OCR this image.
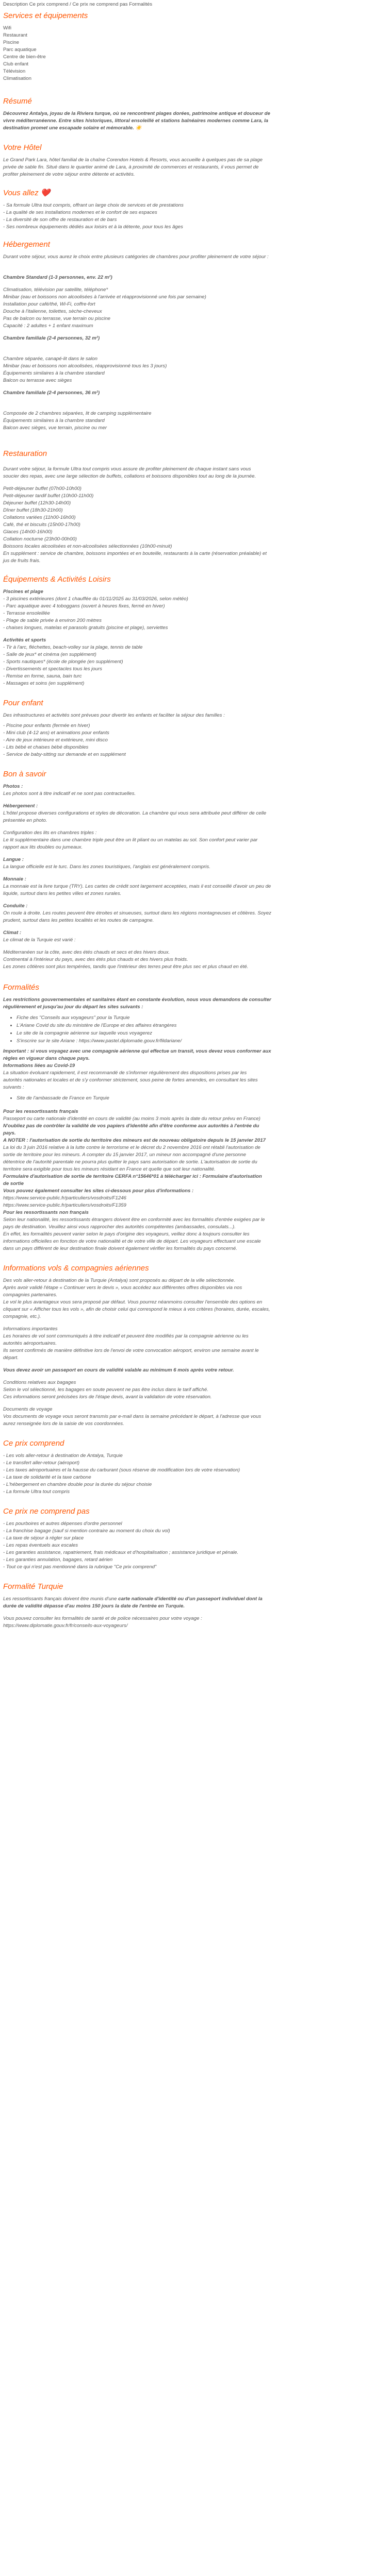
Description Ce prix comprend / Ce prix ne comprend pas Formalités

Services et équipements
Wifi
Restaurant
Piscine
Parc aquatique
Centre de bien-être
Club enfant
Télévision
Climatisation
Résumé

Découvrez Antalya, joyau de la Riviera turque, où se rencontrent plages dorées, patrimoine antique et douceur de

vivre méditerranéenne. Entre sites historiques, littoral ensoleillé et stations balnéaires modernes comme Lara, la

destination promet une escapade solaire et mémorable. ☀️

Votre Hôtel

Le Grand Park Lara, hôtel familial de la chaîne Corendon Hotels & Resorts, vous accueille à quelques pas de sa plage

privée de sable fin. Situé dans le quartier animé de Lara, à proximité de commerces et restaurants, il vous permet de

profiter pleinement de votre séjour entre détente et activités.

Vous allez ❤️

- Sa formule Ultra tout compris, offrant un large choix de services et de prestations

- La qualité de ses installations modernes et le confort de ses espaces

- La diversité de son offre de restauration et de bars

- Ses nombreux équipements dédiés aux loisirs et à la détente, pour tous les âges

Hébergement

Durant votre séjour, vous aurez le choix entre plusieurs catégories de chambres pour profiter pleinement de votre séjour :

Chambre Standard (1-3 personnes, env. 22 m²)

Climatisation, télévision par satellite, téléphone*

Minibar (eau et boissons non alcoolisées à l'arrivée et réapprovisionné une fois par semaine)

Installation pour café/thé, Wi-Fi, coffre-fort

Douche à l'italienne, toilettes, sèche-cheveux

Pas de balcon ou terrasse, vue terrain ou piscine

Capacité : 2 adultes + 1 enfant maximum

Chambre familiale (2-4 personnes, 32 m²)

Chambre séparée, canapé-lit dans le salon

Minibar (eau et boissons non alcoolisées, réapprovisionné tous les 3 jours)

Équipements similaires à la chambre standard

Balcon ou terrasse avec sièges

Chambre familiale (2-4 personnes, 36 m²)

Composée de 2 chambres séparées, lit de camping supplémentaire

Équipements similaires à la chambre standard

Balcon avec sièges, vue terrain, piscine ou mer

Restauration

Durant votre séjour, la formule Ultra tout compris vous assure de profiter pleinement de chaque instant sans vous

soucier des repas, avec une large sélection de buffets, collations et boissons disponibles tout au long de la journée.

Petit-déjeuner buffet (07h00-10h00)

Petit-déjeuner tardif buffet (10h00-11h00)

Déjeuner buffet (12h30-14h00)

Dîner buffet (18h30-21h00)

Collations variées (11h00-16h00)

Café, thé et biscuits (15h00-17h00)

Glaces (14h00-16h00)

Collation nocturne (23h00-00h00)

Boissons locales alcoolisées et non-alcoolisées sélectionnées (10h00-minuit)

En supplément : service de chambre, boissons importées et en bouteille, restaurants à la carte (réservation préalable) et

jus de fruits frais.

Équipements & Activités Loisirs

Piscines et plage

- 3 piscines extérieures (dont 1 chauffée du 01/11/2025 au 31/03/2026, selon météo)

- Parc aquatique avec 4 toboggans (ouvert à heures fixes, fermé en hiver)

- Terrasse ensoleillée

- Plage de sable privée à environ 200 mètres

- chaises longues, matelas et parasols gratuits (piscine et plage), serviettes

Activités et sports

- Tir à l'arc, fléchettes, beach-volley sur la plage, tennis de table

- Salle de jeux* et cinéma (en supplément)

- Sports nautiques* (école de plongée (en supplément)

- Divertissements et spectacles tous les jours

- Remise en forme, sauna, bain turc

- Massages et soins (en supplément)

Pour enfant

Des infrastructures et activités sont prévues pour divertir les enfants et faciliter la séjour des familles :

- Piscine pour enfants (fermée en hiver)

- Mini club (4-12 ans) et animations pour enfants

- Aire de jeux intérieure et extérieure, mini disco

- Lits bébé et chaises bébé disponibles

- Service de baby-sitting sur demande et en supplément

Bon à savoir

Photos :

Les photos sont à titre indicatif et ne sont pas contractuelles.

Hébergement :

L'hôtel propose diverses configurations et styles de décoration. La chambre qui vous sera attribuée peut différer de celle

présentée en photo.

Configuration des lits en chambres triples :

Le lit supplémentaire dans une chambre triple peut être un lit pliant ou un matelas au sol. Son confort peut varier par

rapport aux lits doubles ou jumeaux.

Langue :

La langue officielle est le turc. Dans les zones touristiques, l'anglais est généralement compris.

Monnaie :

La monnaie est la livre turque (TRY). Les cartes de crédit sont largement acceptées, mais il est conseillé d'avoir un peu de

liquide, surtout dans les petites villes et zones rurales.

Conduite :

On roule à droite. Les routes peuvent être étroites et sinueuses, surtout dans les régions montagneuses et côtières. Soyez

prudent, surtout dans les petites localités et les routes de campagne.

Climat :

Le climat de la Turquie est varié :

Méditerranéen sur la côte, avec des étés chauds et secs et des hivers doux.

Continental à l'intérieur du pays, avec des étés plus chauds et des hivers plus froids.

Les zones côtières sont plus tempérées, tandis que l'intérieur des terres peut être plus sec et plus chaud en été.

Formalités

Les restrictions gouvernementales et sanitaires étant en constante évolution, nous vous demandons de consulter

régulièrement et jusqu'au jour du départ les sites suivants :

• Fiche des "Conseils aux voyageurs" pour la Turquie
• L'Ariane Covid du site du ministère de l'Europe et des affaires étrangères
• Le site de la compagnie aérienne sur laquelle vous voyagerez
• S'inscrire sur le site Ariane : https://www.pastel.diplomatie.gouv.fr/fildariane/

Important : si vous voyagez avec une compagnie aérienne qui effectue un transit, vous devez vous conformer aux

règles en vigueur dans chaque pays.

Informations liées au Covid-19

La situation évoluant rapidement, il est recommandé de s'informer régulièrement des dispositions prises par les

autorités nationales et locales et de s'y conformer strictement, sous peine de fortes amendes, en consultant les sites

suivants :

• Site de l'ambassade de France en Turquie

Pour les ressortissants français

Passeport ou carte nationale d'identité en cours de validité (au moins 3 mois après la date du retour prévu en France)

N'oubliez pas de contrôler la validité de vos papiers d'identité afin d'être conforme aux autorités à l'entrée du

pays.

A NOTER : l'autorisation de sortie du territoire des mineurs est de nouveau obligatoire depuis le 15 janvier 2017

La loi du 3 juin 2016 relative à la lutte contre le terrorisme et le décret du 2 novembre 2016 ont rétabli l'autorisation de

sortie de territoire pour les mineurs. A compter du 15 janvier 2017, un mineur non accompagné d'une personne

détentrice de l'autorité parentale ne pourra plus quitter le pays sans autorisation de sortie. L'autorisation de sortie du

territoire sera exigible pour tous les mineurs résidant en France et quelle que soit leur nationalité.

Formulaire d'autorisation de sortie de territoire CERFA n°15646*01 à télécharger ici : Formulaire d'autorisation

de sortie

Vous pouvez également consulter les sites ci-dessous pour plus d'informations :

https://www.service-public.fr/particuliers/vosdroits/F1246

https://www.service-public.fr/particuliers/vosdroits/F1359

Pour les ressortissants non français

Selon leur nationalité, les ressortissants étrangers doivent être en conformité avec les formalités d'entrée exigées par le

pays de destination. Veuillez ainsi vous rapprocher des autorités compétentes (ambassades, consulats...).

En effet, les formalités peuvent varier selon le pays d'origine des voyageurs, veillez donc à toujours consulter les

informations officielles en fonction de votre nationalité et de votre ville de départ. Les voyageurs effectuant une escale

dans un pays différent de leur destination finale doivent également vérifier les formalités du pays concerné.

Informations vols & compagnies aériennes

Des vols aller-retour à destination de la Turquie (Antalya) sont proposés au départ de la ville sélectionnée.

Après avoir validé l'étape « Continuer vers le devis », vous accédez aux différentes offres disponibles via nos

compagnies partenaires.

Le vol le plus avantageux vous sera proposé par défaut. Vous pourrez néanmoins consulter l'ensemble des options en

cliquant sur « Afficher tous les vols », afin de choisir celui qui correspond le mieux à vos critères (horaires, durée, escales,

compagnie, etc.).

Informations importantes

Les horaires de vol sont communiqués à titre indicatif et peuvent être modifiés par la compagnie aérienne ou les

autorités aéroportuaires.

Ils seront confirmés de manière définitive lors de l'envoi de votre convocation aéroport, environ une semaine avant le

départ.

Vous devez avoir un passeport en cours de validité valable au minimum 6 mois après votre retour.

Conditions relatives aux bagages

Selon le vol sélectionné, les bagages en soute peuvent ne pas être inclus dans le tarif affiché.

Ces informations seront précisées lors de l'étape devis, avant la validation de votre réservation.

Documents de voyage

Vos documents de voyage vous seront transmis par e-mail dans la semaine précédant le départ, à l'adresse que vous

aurez renseignée lors de la saisie de vos coordonnées.

Ce prix comprend

- Les vols aller-retour à destination de Antalya, Turquie

- Le transfert aller-retour (aéroport)

- Les taxes aéroportuaires et la hausse du carburant (sous réserve de modification lors de votre réservation)

- La taxe de solidarité et la taxe carbone

- L'hébergement en chambre double pour la durée du séjour choisie

- La formule Ultra tout compris

Ce prix ne comprend pas

- Les pourboires et autres dépenses d'ordre personnel

- La franchise bagage (sauf si mention contraire au moment du choix du vol)

- La taxe de séjour à régler sur place

- Les repas éventuels aux escales

- Les garanties assistance, rapatriement, frais médicaux et d'hospitalisation ; assistance juridique et pénale.

- Les garanties annulation, bagages, retard aérien

- Tout ce qui n'est pas mentionné dans la rubrique "Ce prix comprend"

Formalité Turquie

Les ressortissants français doivent être munis d'une carte nationale d'identité ou d'un passeport individuel dont la

durée de validité dépasse d'au moins 150 jours la date de l'entrée en Turquie.

Vous pouvez consulter les formalités de santé et de police nécessaires pour votre voyage :

https://www.diplomatie.gouv.fr/fr/conseils-aux-voyageurs/
